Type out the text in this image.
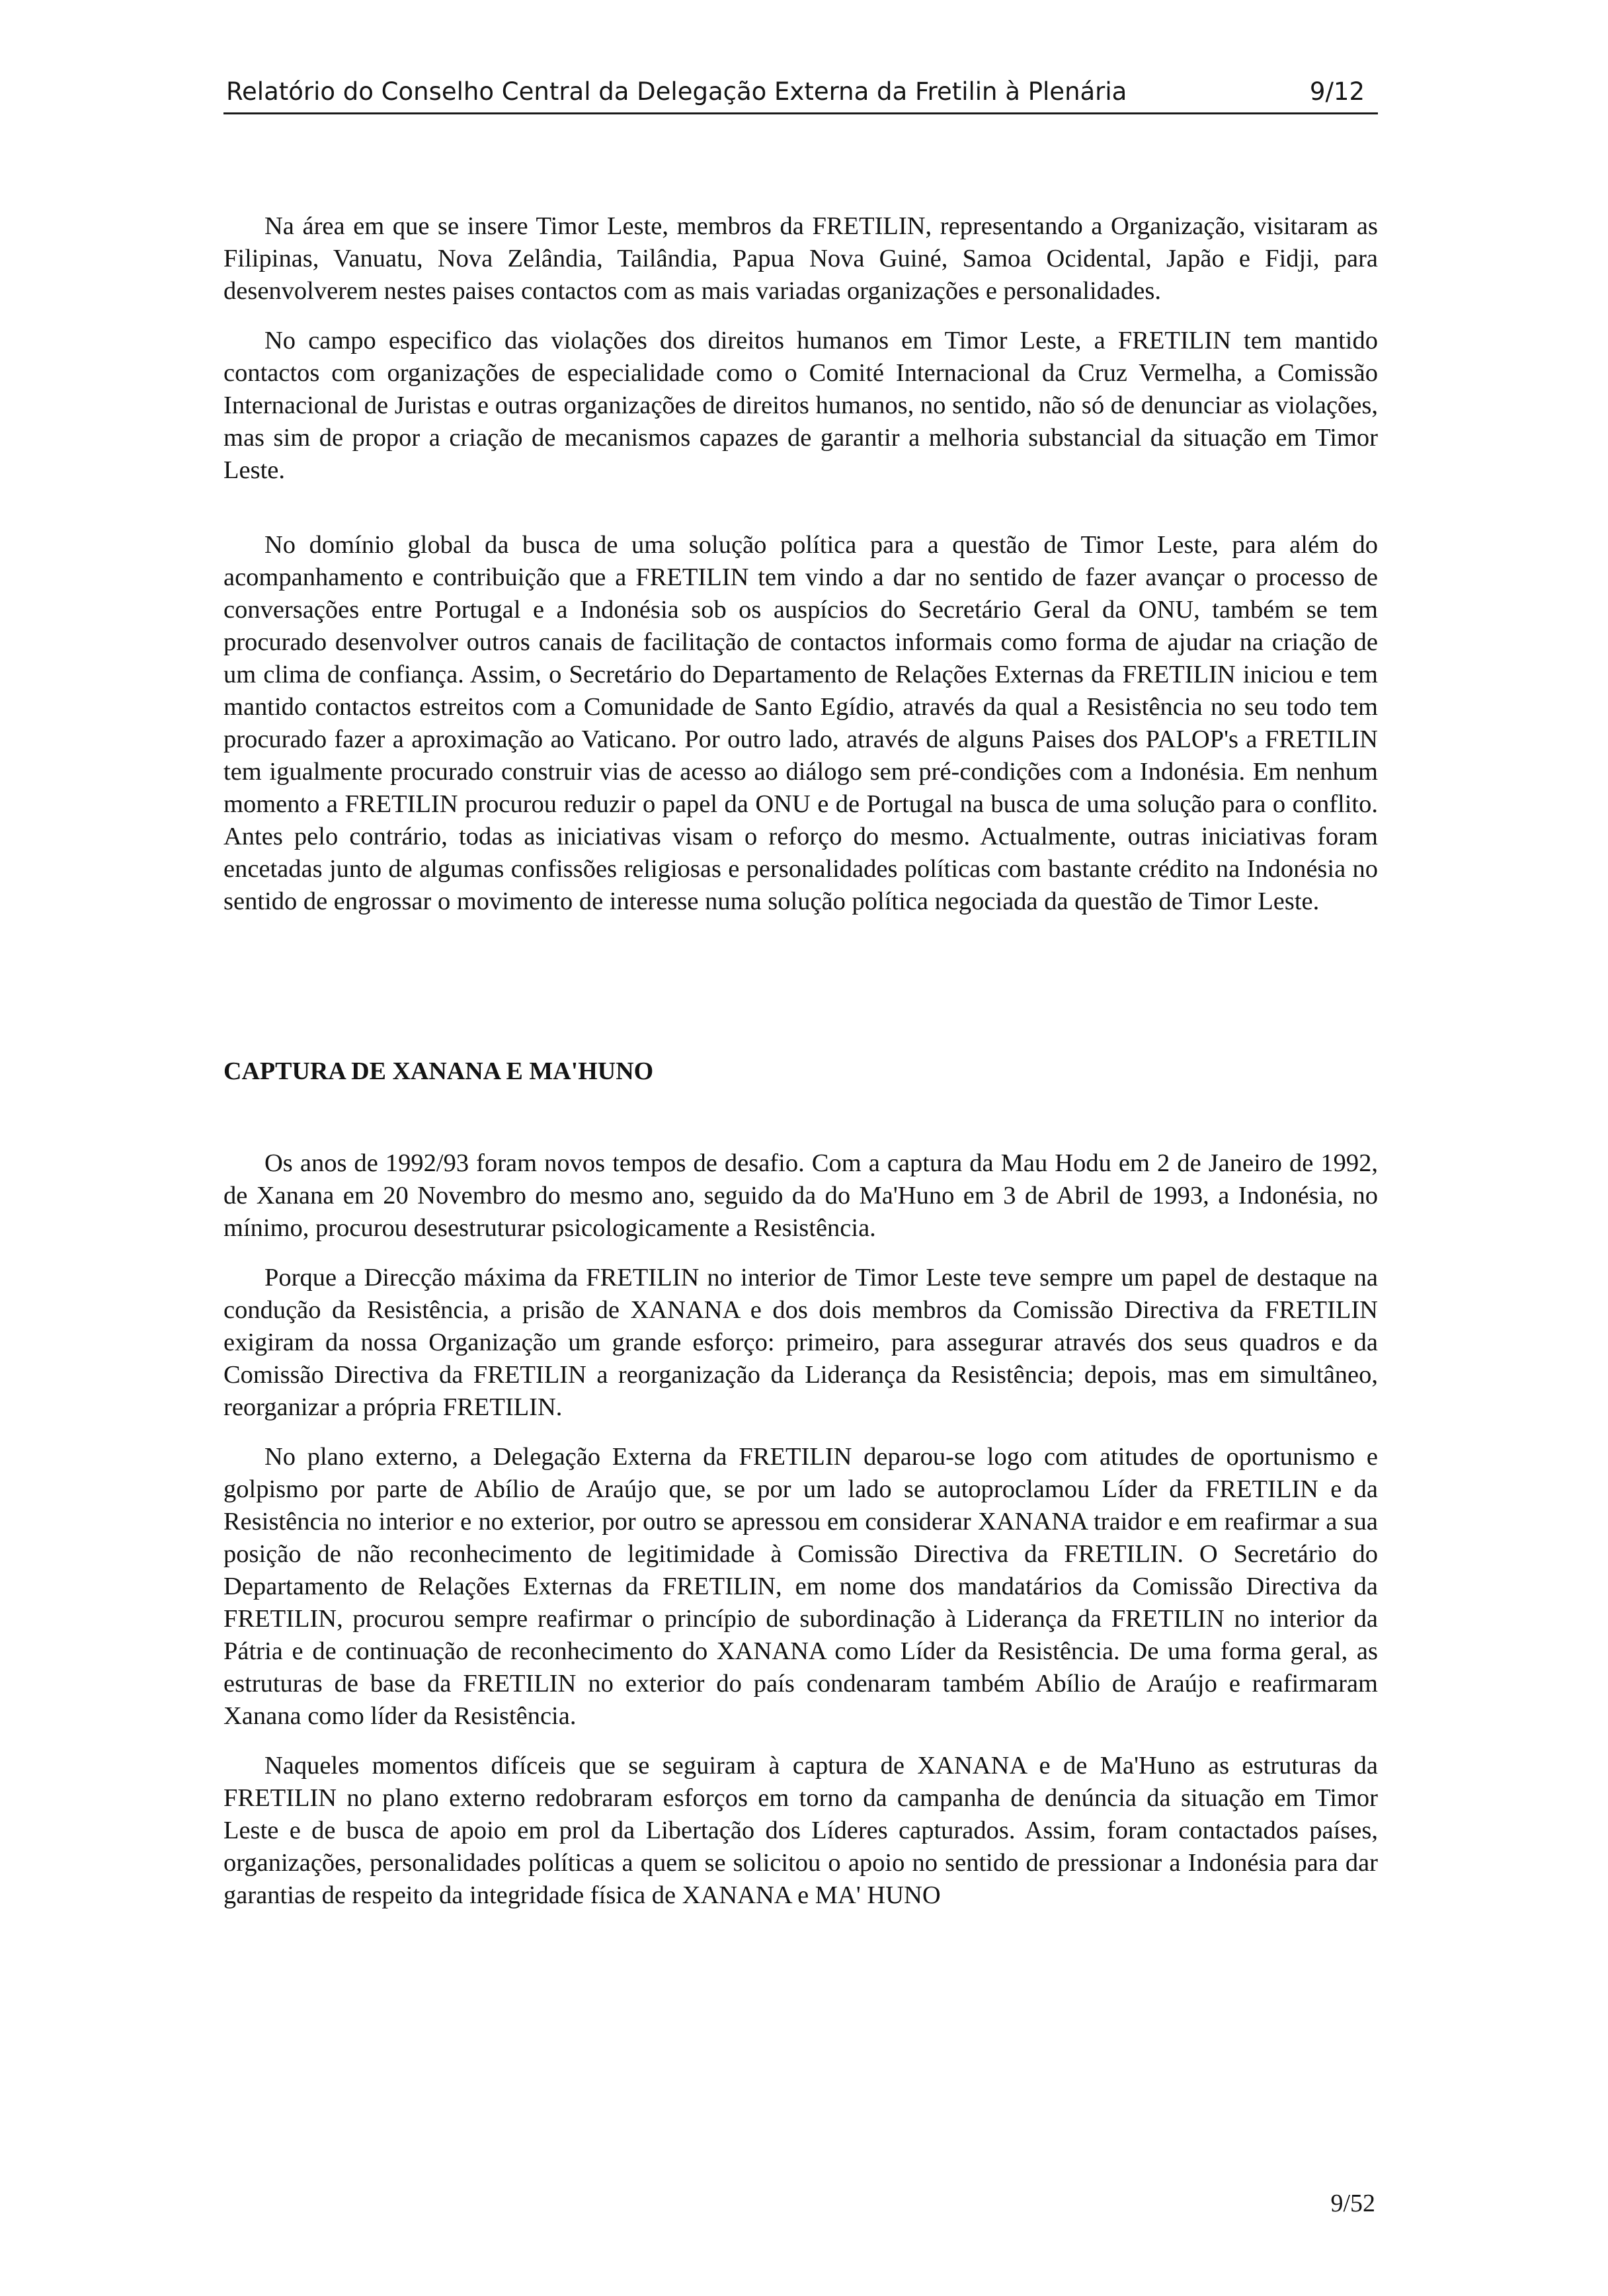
Relatório do Conselho Central da Delegação Externa da Fretilin à Plenária	9/12

Na área em que se insere Timor Leste, membros da FRETILIN, representando a Organização, visitaram as Filipinas, Vanuatu, Nova Zelândia, Tailândia, Papua Nova Guiné, Samoa Ocidental, Japão e Fidji, para desenvolverem nestes paises contactos com as mais variadas organizações e personalidades.

No campo especifico das violações dos direitos humanos em Timor Leste, a FRETILIN tem mantido contactos com organizações de especialidade como o Comité Internacional da Cruz Vermelha, a Comissão Internacional de Juristas e outras organizações de direitos humanos, no sentido, não só de denunciar as violações, mas sim de propor a criação de mecanismos capazes de garantir a melhoria substancial da situação em Timor Leste.

No domínio global da busca de uma solução política para a questão de Timor Leste, para além do acompanhamento e contribuição que a FRETILIN tem vindo a dar no sentido de fazer avançar o processo de conversações entre Portugal e a Indonésia sob os auspícios do Secretário Geral da ONU, também se tem procurado desenvolver outros canais de facilitação de contactos informais como forma de ajudar na criação de um clima de confiança. Assim, o Secretário do Departamento de Relações Externas da FRETILIN iniciou e tem mantido contactos estreitos com a Comunidade de Santo Egídio, através da qual a Resistência no seu todo tem procurado fazer a aproximação ao Vaticano. Por outro lado, através de alguns Paises dos PALOP's a FRETILIN tem igualmente procurado construir vias de acesso ao diálogo sem pré-condições com a Indonésia. Em nenhum momento a FRETILIN procurou reduzir o papel da ONU e de Portugal na busca de uma solução para o conflito. Antes pelo contrário, todas as iniciativas visam o reforço do mesmo. Actualmente, outras iniciativas foram encetadas junto de algumas confissões religiosas e personalidades políticas com bastante crédito na Indonésia no sentido de engrossar o movimento de interesse numa solução política negociada da questão de Timor Leste.

CAPTURA DE XANANA E MA'HUNO

Os anos de 1992/93 foram novos tempos de desafio. Com a captura da Mau Hodu em 2 de Janeiro de 1992, de Xanana em 20 Novembro do mesmo ano, seguido da do Ma'Huno em 3 de Abril de 1993, a Indonésia, no mínimo, procurou desestruturar psicologicamente a Resistência.

Porque a Direcção máxima da FRETILIN no interior de Timor Leste teve sempre um papel de destaque na condução da Resistência, a prisão de XANANA e dos dois membros da Comissão Directiva da FRETILIN exigiram da nossa Organização um grande esforço: primeiro, para assegurar através dos seus quadros e da Comissão Directiva da FRETILIN a reorganização da Liderança da Resistência; depois, mas em simultâneo, reorganizar a própria FRETILIN.

No plano externo, a Delegação Externa da FRETILIN deparou-se logo com atitudes de oportunismo e golpismo por parte de Abílio de Araújo que, se por um lado se autoproclamou Líder da FRETILIN e da Resistência no interior e no exterior, por outro se apressou em considerar XANANA traidor e em reafirmar a sua posição de não reconhecimento de legitimidade à Comissão Directiva da FRETILIN. O Secretário do Departamento de Relações Externas da FRETILIN, em nome dos mandatários da Comissão Directiva da FRETILIN, procurou sempre reafirmar o princípio de subordinação à Liderança da FRETILIN no interior da Pátria e de continuação de reconhecimento do XANANA como Líder da Resistência. De uma forma geral, as estruturas de base da FRETILIN no exterior do país condenaram também Abílio de Araújo e reafirmaram Xanana como líder da Resistência.

Naqueles momentos difíceis que se seguiram à captura de XANANA e de Ma'Huno as estruturas da FRETILIN no plano externo redobraram esforços em torno da campanha de denúncia da situação em Timor Leste e de busca de apoio em prol da Libertação dos Líderes capturados. Assim, foram contactados países, organizações, personalidades políticas a quem se solicitou o apoio no sentido de pressionar a Indonésia para dar garantias de respeito da integridade física de XANANA e MA' HUNO

9/52
